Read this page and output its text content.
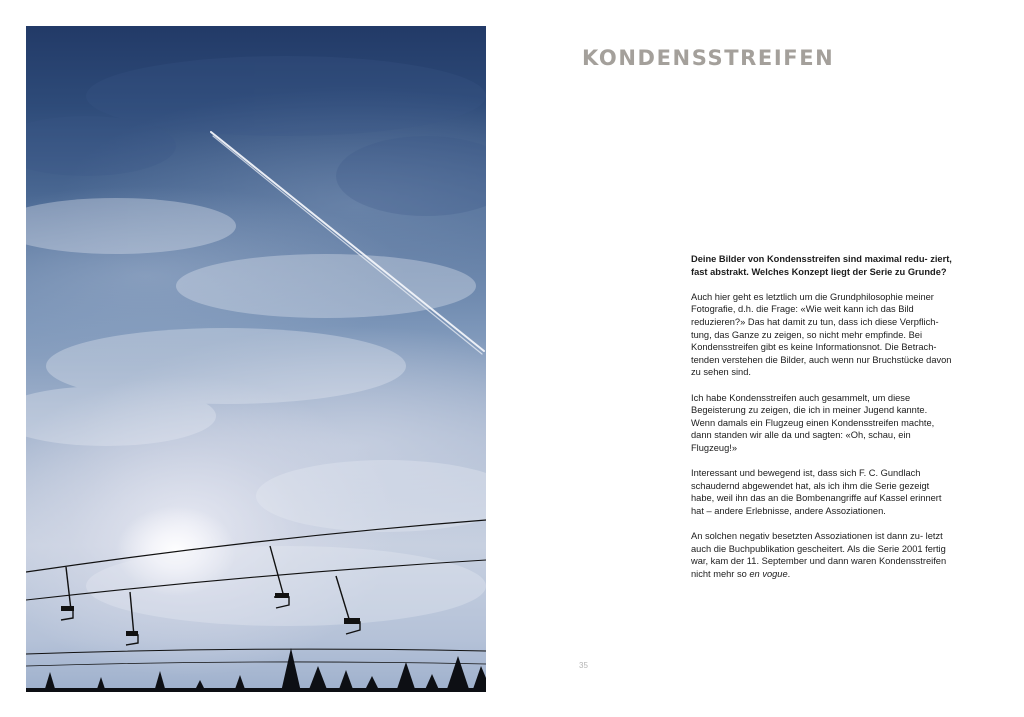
KONDENSSTREIFEN

Deine Bilder von Kondensstreifen sind maximal redu- ziert, fast abstrakt. Welches Konzept liegt der Serie zu Grunde?

Auch hier geht es letztlich um die Grundphilosophie meiner Fotografie, d.h. die Frage: «Wie weit kann ich das Bild reduzieren?» Das hat damit zu tun, dass ich diese Verpflich- tung, das Ganze zu zeigen, so nicht mehr empfinde. Bei Kondensstreifen gibt es keine Informationsnot. Die Betrach- tenden verstehen die Bilder, auch wenn nur Bruchstücke davon zu sehen sind.

Ich habe Kondensstreifen auch gesammelt, um diese Begeisterung zu zeigen, die ich in meiner Jugend kannte. Wenn damals ein Flugzeug einen Kondensstreifen machte, dann standen wir alle da und sagten: «Oh, schau, ein Flugzeug!»

Interessant und bewegend ist, dass sich F. C. Gundlach schaudernd abgewendet hat, als ich ihm die Serie gezeigt habe, weil ihn das an die Bombenangriffe auf Kassel erinnert hat – andere Erlebnisse, andere Assoziationen.

An solchen negativ besetzten Assoziationen ist dann zu- letzt auch die Buchpublikation gescheitert. Als die Serie 2001 fertig war, kam der 11. September und dann waren Kondensstreifen nicht mehr so en vogue.

35
